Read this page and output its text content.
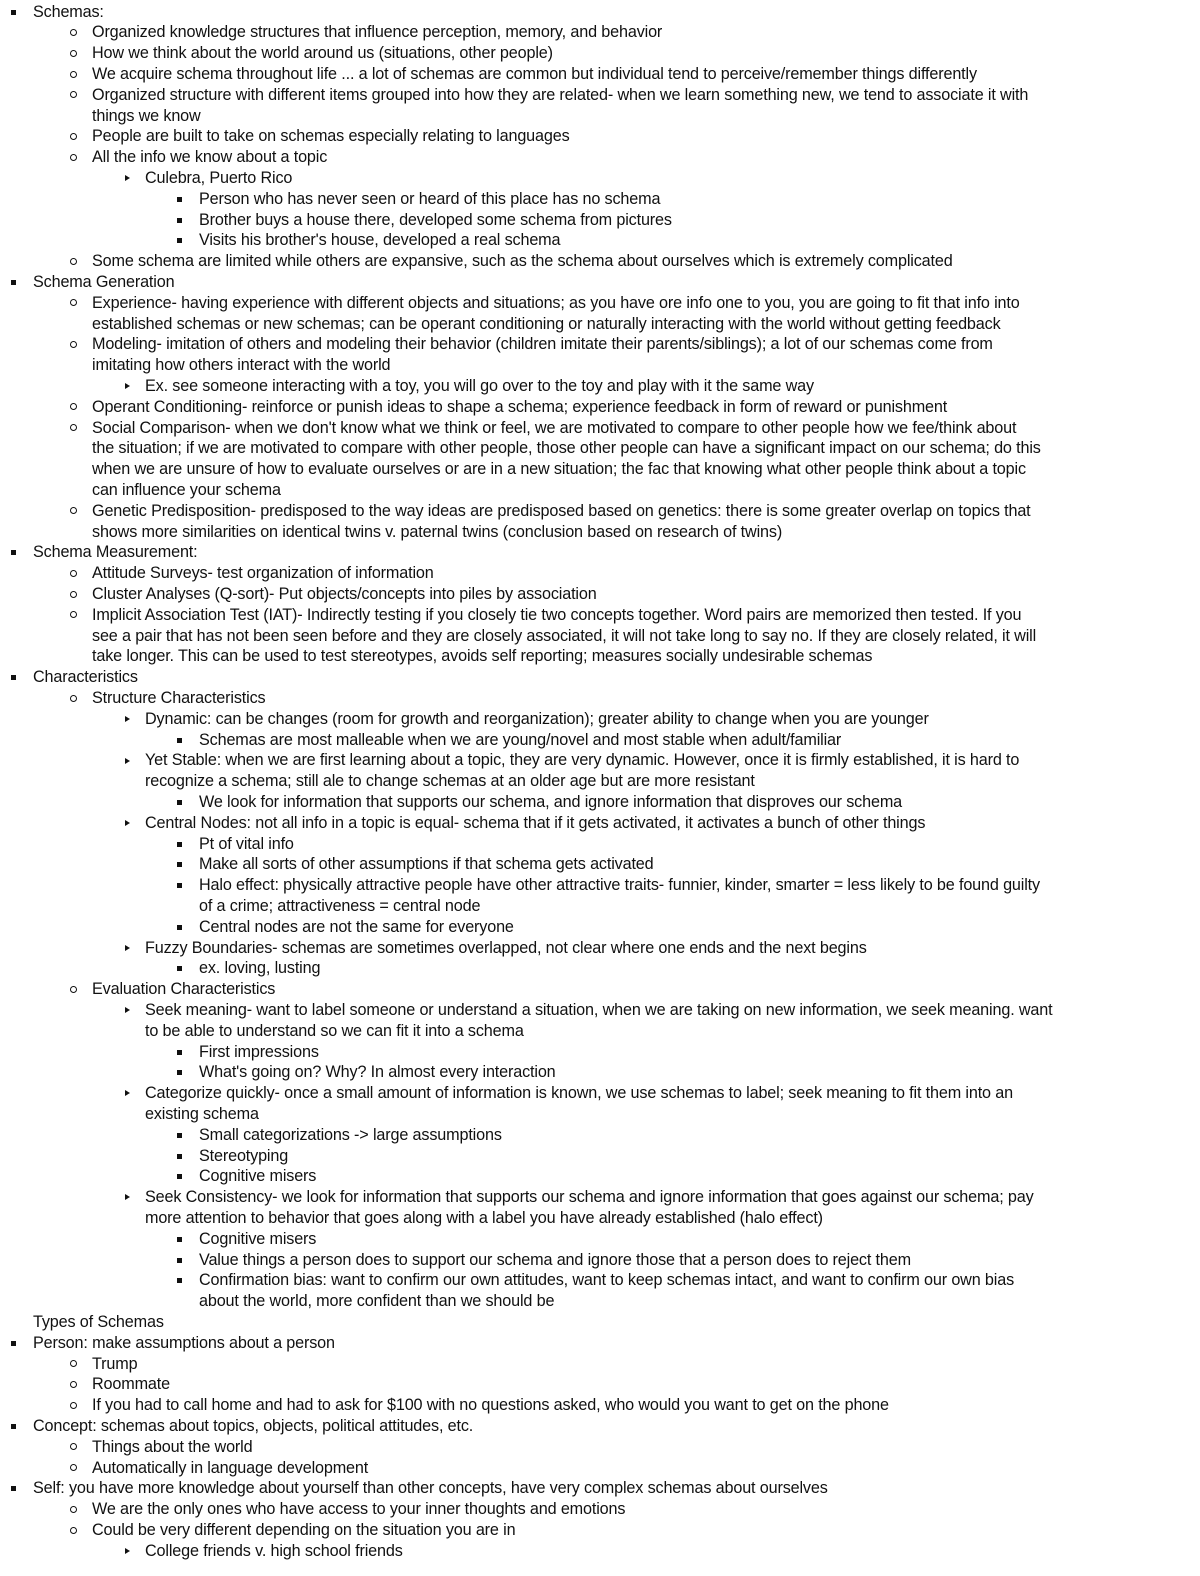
Schemas:
Organized knowledge structures that influence perception, memory, and behavior
How we think about the world around us (situations, other people)
We acquire schema throughout life ... a lot of schemas are common but individual tend to perceive/remember things differently
Organized structure with different items grouped into how they are related- when we learn something new, we tend to associate it with
things we know
People are built to take on schemas especially relating to languages
All the info we know about a topic
Culebra, Puerto Rico
Person who has never seen or heard of this place has no schema
Brother buys a house there, developed some schema from pictures
Visits his brother's house, developed a real schema
Some schema are limited while others are expansive, such as the schema about ourselves which is extremely complicated
Schema Generation
Experience- having experience with different objects and situations; as you have ore info one to you, you are going to fit that info into
established schemas or new schemas; can be operant conditioning or naturally interacting with the world without getting feedback
Modeling- imitation of others and modeling their behavior (children imitate their parents/siblings); a lot of our schemas come from
imitating how others interact with the world
Ex. see someone interacting with a toy, you will go over to the toy and play with it the same way
Operant Conditioning- reinforce or punish ideas to shape a schema; experience feedback in form of reward or punishment
Social Comparison- when we don't know what we think or feel, we are motivated to compare to other people how we fee/think about
the situation; if we are motivated to compare with other people, those other people can have a significant impact on our schema; do this
when we are unsure of how to evaluate ourselves or are in a new situation; the fac that knowing what other people think about a topic
can influence your schema
Genetic Predisposition- predisposed to the way ideas are predisposed based on genetics: there is some greater overlap on topics that
shows more similarities on identical twins v. paternal twins (conclusion based on research of twins)
Schema Measurement:
Attitude Surveys- test organization of information
Cluster Analyses (Q-sort)- Put objects/concepts into piles by association
Implicit Association Test (IAT)- Indirectly testing if you closely tie two concepts together. Word pairs are memorized then tested. If you
see a pair that has not been seen before and they are closely associated, it will not take long to say no. If they are closely related, it will
take longer. This can be used to test stereotypes, avoids self reporting; measures socially undesirable schemas
Characteristics
Structure Characteristics
Dynamic: can be changes (room for growth and reorganization); greater ability to change when you are younger
Schemas are most malleable when we are young/novel and most stable when adult/familiar
Yet Stable: when we are first learning about a topic, they are very dynamic. However, once it is firmly established, it is hard to
recognize a schema; still ale to change schemas at an older age but are more resistant
We look for information that supports our schema, and ignore information that disproves our schema
Central Nodes: not all info in a topic is equal- schema that if it gets activated, it activates a bunch of other things
Pt of vital info
Make all sorts of other assumptions if that schema gets activated
Halo effect: physically attractive people have other attractive traits- funnier, kinder, smarter = less likely to be found guilty
of a crime; attractiveness = central node
Central nodes are not the same for everyone
Fuzzy Boundaries- schemas are sometimes overlapped, not clear where one ends and the next begins
ex. loving, lusting
Evaluation Characteristics
Seek meaning- want to label someone or understand a situation, when we are taking on new information, we seek meaning. want
to be able to understand so we can fit it into a schema
First impressions
What's going on? Why? In almost every interaction
Categorize quickly- once a small amount of information is known, we use schemas to label; seek meaning to fit them into an
existing schema
Small categorizations -> large assumptions
Stereotyping
Cognitive misers
Seek Consistency- we look for information that supports our schema and ignore information that goes against our schema; pay
more attention to behavior that goes along with a label you have already established (halo effect)
Cognitive misers
Value things a person does to support our schema and ignore those that a person does to reject them
Confirmation bias: want to confirm our own attitudes, want to keep schemas intact, and want to confirm our own bias
about the world, more confident than we should be
Types of Schemas
Person: make assumptions about a person
Trump
Roommate
If you had to call home and had to ask for $100 with no questions asked, who would you want to get on the phone
Concept: schemas about topics, objects, political attitudes, etc.
Things about the world
Automatically in language development
Self: you have more knowledge about yourself than other concepts, have very complex schemas about ourselves
We are the only ones who have access to your inner thoughts and emotions
Could be very different depending on the situation you are in
College friends v. high school friends
